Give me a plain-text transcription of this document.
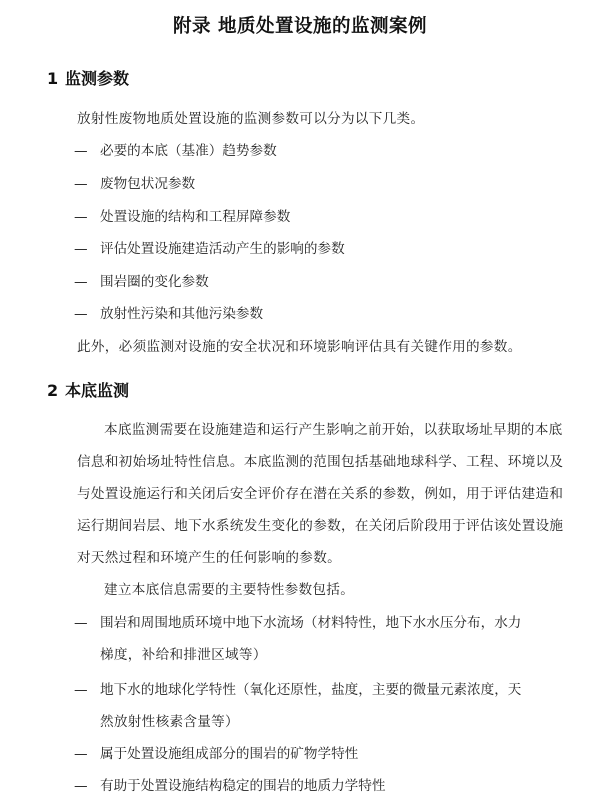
附录 地质处置设施的监测案例
1 监测参数
放射性废物地质处置设施的监测参数可以分为以下几类。
— 必要的本底（基准）趋势参数
— 废物包状况参数
— 处置设施的结构和工程屏障参数
— 评估处置设施建造活动产生的影响的参数
— 围岩圈的变化参数
— 放射性污染和其他污染参数
此外，必须监测对设施的安全状况和环境影响评估具有关键作用的参数。
2 本底监测
本底监测需要在设施建造和运行产生影响之前开始，以获取场址早期的本底
信息和初始场址特性信息。本底监测的范围包括基础地球科学、工程、环境以及
与处置设施运行和关闭后安全评价存在潜在关系的参数，例如，用于评估建造和
运行期间岩层、地下水系统发生变化的参数，在关闭后阶段用于评估该处置设施
对天然过程和环境产生的任何影响的参数。
建立本底信息需要的主要特性参数包括。
— 围岩和周围地质环境中地下水流场（材料特性，地下水水压分布，水力
梯度，补给和排泄区域等）
— 地下水的地球化学特性（氧化还原性，盐度，主要的微量元素浓度，天
然放射性核素含量等）
— 属于处置设施组成部分的围岩的矿物学特性
— 有助于处置设施结构稳定的围岩的地质力学特性
